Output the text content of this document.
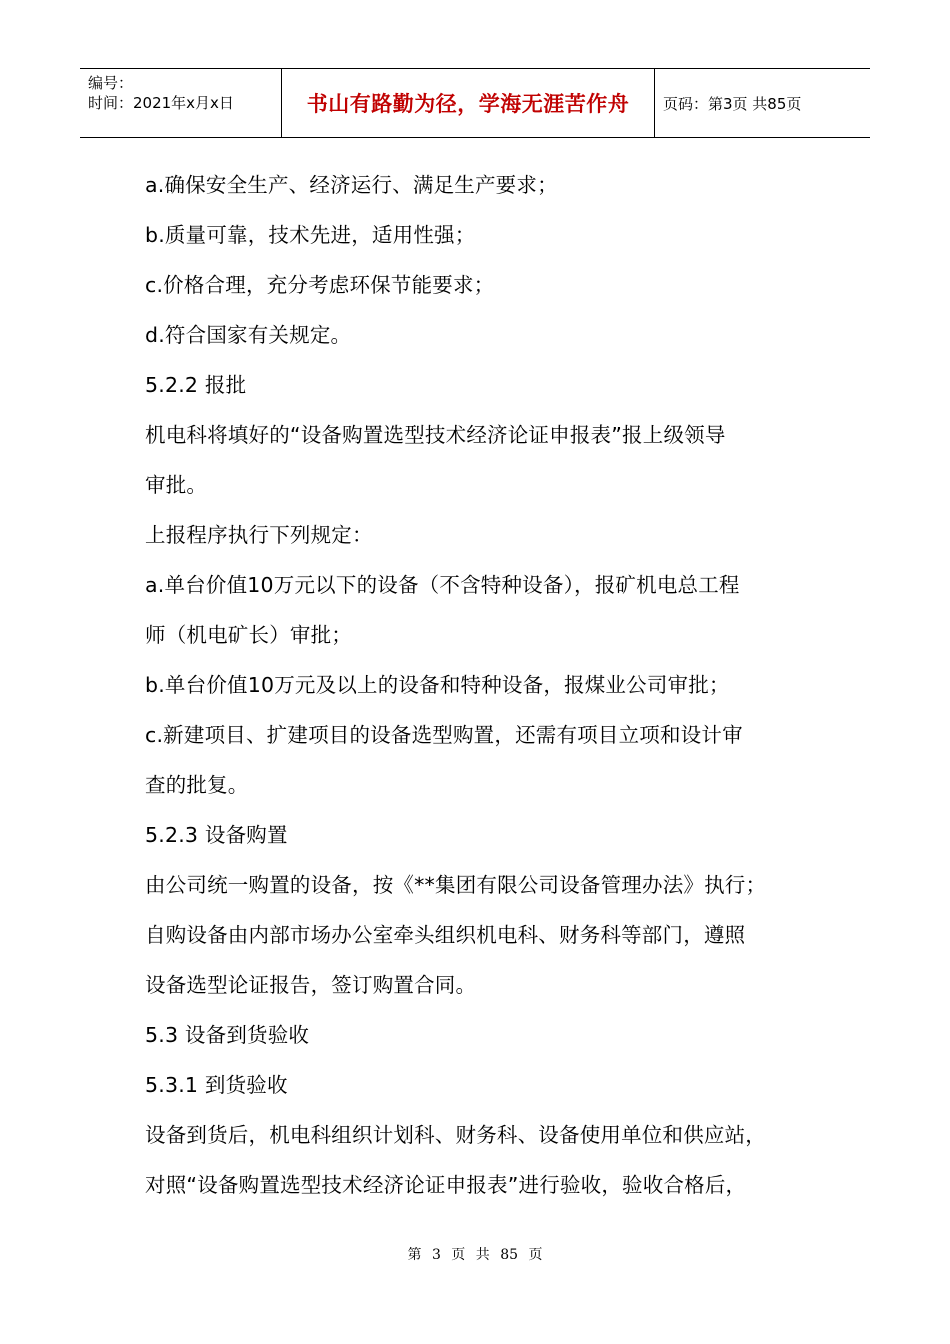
编号：
时间：2021年x月x日	书山有路勤为径，学海无涯苦作舟	页码：第3页 共85页
a.确保安全生产、经济运行、满足生产要求；
b.质量可靠，技术先进，适用性强；
c.价格合理，充分考虑环保节能要求；
d.符合国家有关规定。
5.2.2 报批
机电科将填好的“设备购置选型技术经济论证申报表”报上级领导
审批。
上报程序执行下列规定：
a.单台价值10万元以下的设备（不含特种设备），报矿机电总工程
师（机电矿长）审批；
b.单台价值10万元及以上的设备和特种设备，报煤业公司审批；
c.新建项目、扩建项目的设备选型购置，还需有项目立项和设计审
查的批复。
5.2.3 设备购置
由公司统一购置的设备，按《**集团有限公司设备管理办法》执行；
自购设备由内部市场办公室牵头组织机电科、财务科等部门，遵照
设备选型论证报告，签订购置合同。
5.3 设备到货验收
5.3.1 到货验收
设备到货后，机电科组织计划科、财务科、设备使用单位和供应站，
对照“设备购置选型技术经济论证申报表”进行验收，验收合格后，
第 3 页 共 85 页
